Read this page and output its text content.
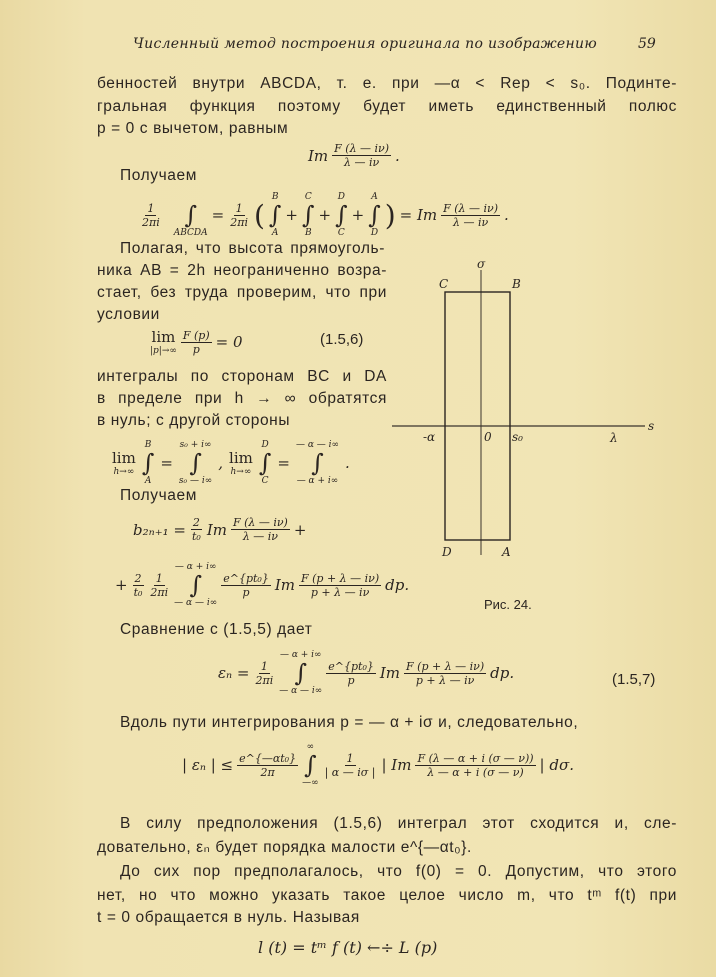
Численный метод построения оригинала по изображению	59
бенностей внутри ABCDA, т. е. при —α < Rep < s₀. Подинте-
гральная функция поэтому будет иметь единственный полюс
p = 0 с вычетом, равным
Im $\frac{F (\lambda — i\nu)}{\lambda — i\nu}$ .
Получаем
$\frac{1}{2\pi i}$
∫
ABCDA
= $\frac{1}{2\pi i}$ (
B
∫
A
+
C
∫
B
+
D
∫
C
+
A
∫
D
) = Im $\frac{F (\lambda — i\nu)}{\lambda — i\nu}$ .
Полагая, что высота прямоуголь-
ника AB = 2h неограниченно возра-
стает, без труда проверим, что при
условии
lim
$|p|\to\infty \frac{F (p)}{p} = 0$	(1.5,6)
интегралы по сторонам BC и DA
в пределе при h → ∞ обратятся
в нуль; с другой стороны
lim
h→∞
B
∫
A
=
s₀ + i∞
∫
s₀ — i∞
, lim
h→∞
D
∫
C
=
— α — i∞
∫
— α + i∞
.
Получаем
$b_{2n+1} = \frac{2}{\text{t₀}}$ Im $\frac{F (\lambda — i\nu)}{\lambda — i\nu}$ +
+ $\frac{2}{\text{t₀}} \frac{1}{2\pi i}$
— α + i∞
∫
— α — i∞
$\frac{\text{e\textasciicircum{}\{pt₀\}}}{p}$ Im $\frac{F (p + \lambda — i\nu)}{p + \lambda — i\nu}$ dp.
σ
C	B
D	A
-α	0 s₀	λ
s
Рис. 24.
Сравнение с (1.5,5) дает
$\varepsilon_n = \frac{1}{2\pi i}$
— α + i∞
∫
— α — i∞
$\frac{\text{e\textasciicircum{}\{pt₀\}}}{p}$ Im $\frac{F (p + \lambda — i\nu)}{p + \lambda — i\nu}$ dp.	(1.5,7)
Вдоль пути интегрирования p = — α + iσ и, следовательно,
| εₙ | ≤ $\frac{\text{e\textasciicircum{}\{—αt₀\}}}{2\pi}$
∞
∫
—∞
$\frac{1}{| \alpha — i\sigma |}$ | Im $\frac{F (\lambda — \alpha + i (\sigma — \nu))}{\lambda — \alpha + i (\sigma — \nu)}$ | dσ.
В силу предположения (1.5,6) интеграл этот сходится и, сле-
довательно, εₙ будет порядка малости e^{—αt₀}.
До сих пор предполагалось, что f(0) = 0. Допустим, что этого
нет, но что можно указать такое целое число m, что tᵐ f(t) при
t = 0 обращается в нуль. Называя
l (t) = tᵐ f (t) ←÷ L (p)
